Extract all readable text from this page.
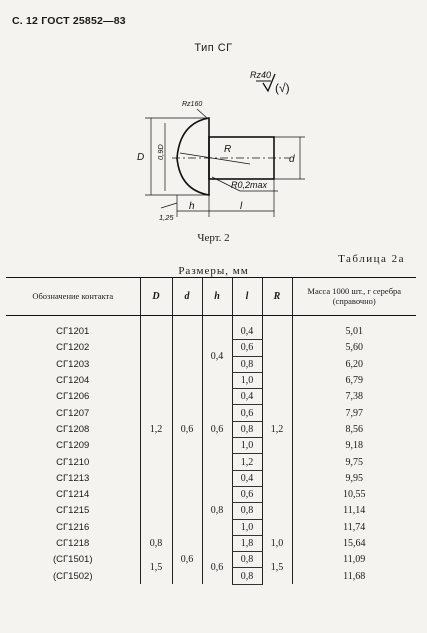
С. 12 ГОСТ 25852—83
Тип СГ
Rz40
(√)
Rz160
D 0,9D	R
d
R0,2max
1,25
h	l
Черт. 2
Таблица 2а
Размеры, мм
Обозначение контакта	D	d	h	l	R	Масса 1000 шт., г серебра (справочно)

СГ1201	1,2	0,6	0,4	0,4	1,2	5,01
СГ1202				0,6		5,60
СГ1203				0,8		6,20
СГ1204				1,0		6,79
СГ1206			0,6	0,4		7,38
СГ1207				0,6		7,97
СГ1208				0,8		8,56
СГ1209				1,0		9,18
СГ1210				1,2		9,75
СГ1213			0,8	0,4		9,95
СГ1214				0,6		10,55
СГ1215				0,8		11,14
СГ1216				1,0		11,74
СГ1218	0,8	0,6		1,8	1,0	15,64
(СГ1501)	1,5		0,6	0,8	1,5	11,09
(СГ1502)				0,8		11,68
